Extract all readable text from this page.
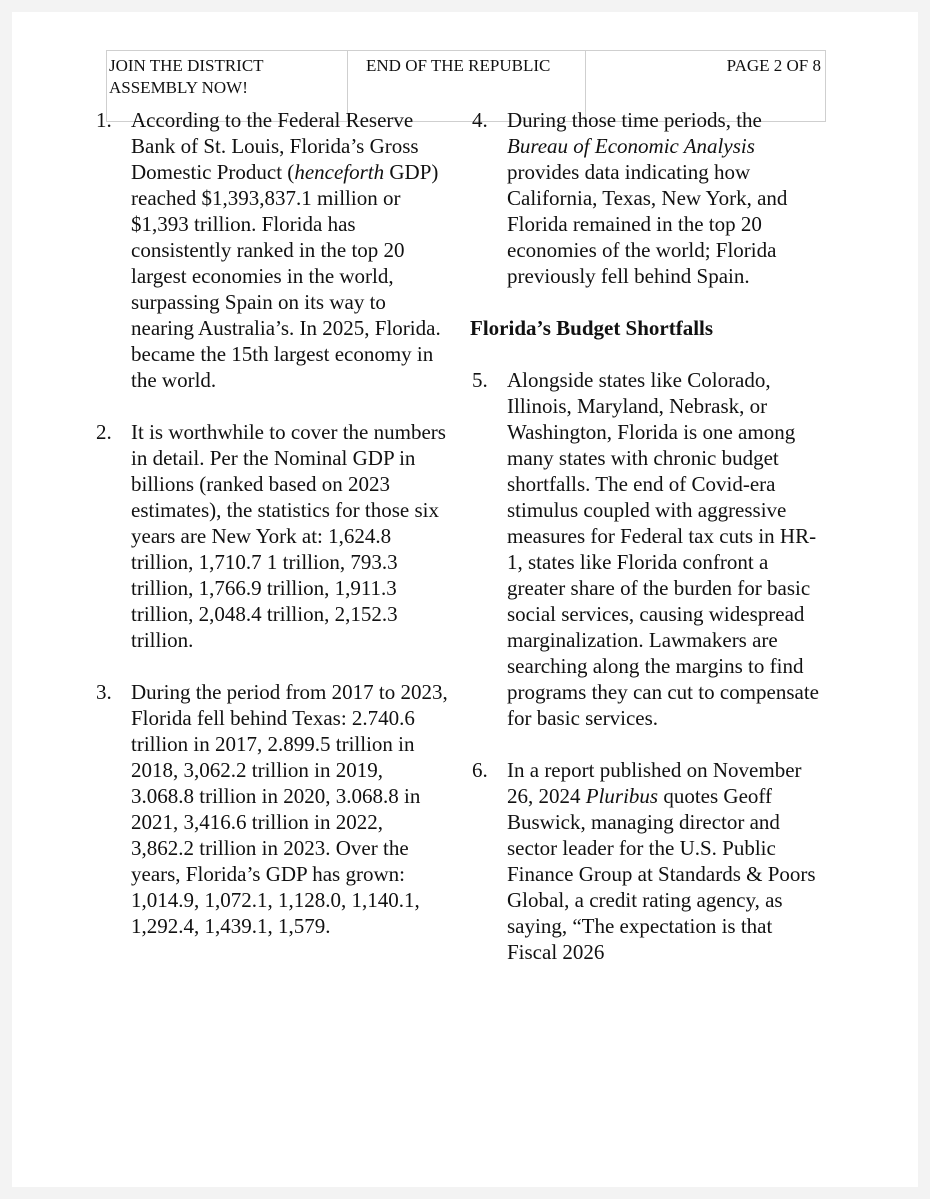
JOIN THE DISTRICT ASSEMBLY NOW!
END OF THE REPUBLIC	PAGE 2 OF 8
1. According to the Federal Reserve Bank of St. Louis, Florida’s Gross Domestic Product (henceforth GDP) reached $1,393,837.1 million or $1,393 trillion. Florida has consistently ranked in the top 20 largest economies in the world, surpassing Spain on its way to nearing Australia’s. In 2025, Florida. became the 15th largest economy in the world.
2. It is worthwhile to cover the numbers in detail. Per the Nominal GDP in billions (ranked based on 2023 estimates), the statistics for those six years are New York at: 1,624.8 trillion, 1,710.7 1 trillion, 793.3 trillion, 1,766.9 trillion, 1,911.3 trillion, 2,048.4 trillion, 2,152.3 trillion.
3. During the period from 2017 to 2023, Florida fell behind Texas: 2.740.6 trillion in 2017, 2.899.5 trillion in 2018, 3,062.2 trillion in 2019, 3.068.8 trillion in 2020, 3.068.8 in 2021, 3,416.6 trillion in 2022, 3,862.2 trillion in 2023. Over the years, Florida’s GDP has grown: 1,014.9, 1,072.1, 1,128.0, 1,140.1, 1,292.4, 1,439.1, 1,579.
4. During those time periods, the Bureau of Economic Analysis provides data indicating how California, Texas, New York, and Florida remained in the top 20 economies of the world; Florida previously fell behind Spain.
Florida’s Budget Shortfalls
5. Alongside states like Colorado, Illinois, Maryland, Nebrask, or Washington, Florida is one among many states with chronic budget shortfalls. The end of Covid-era stimulus coupled with aggressive measures for Federal tax cuts in HR-1, states like Florida confront a greater share of the burden for basic social services, causing widespread marginalization. Lawmakers are searching along the margins to find programs they can cut to compensate for basic services.
6. In a report published on November 26, 2024 Pluribus quotes Geoff Buswick, managing director and sector leader for the U.S. Public Finance Group at Standards & Poors Global, a credit rating agency, as saying, “The expectation is that Fiscal 2026
